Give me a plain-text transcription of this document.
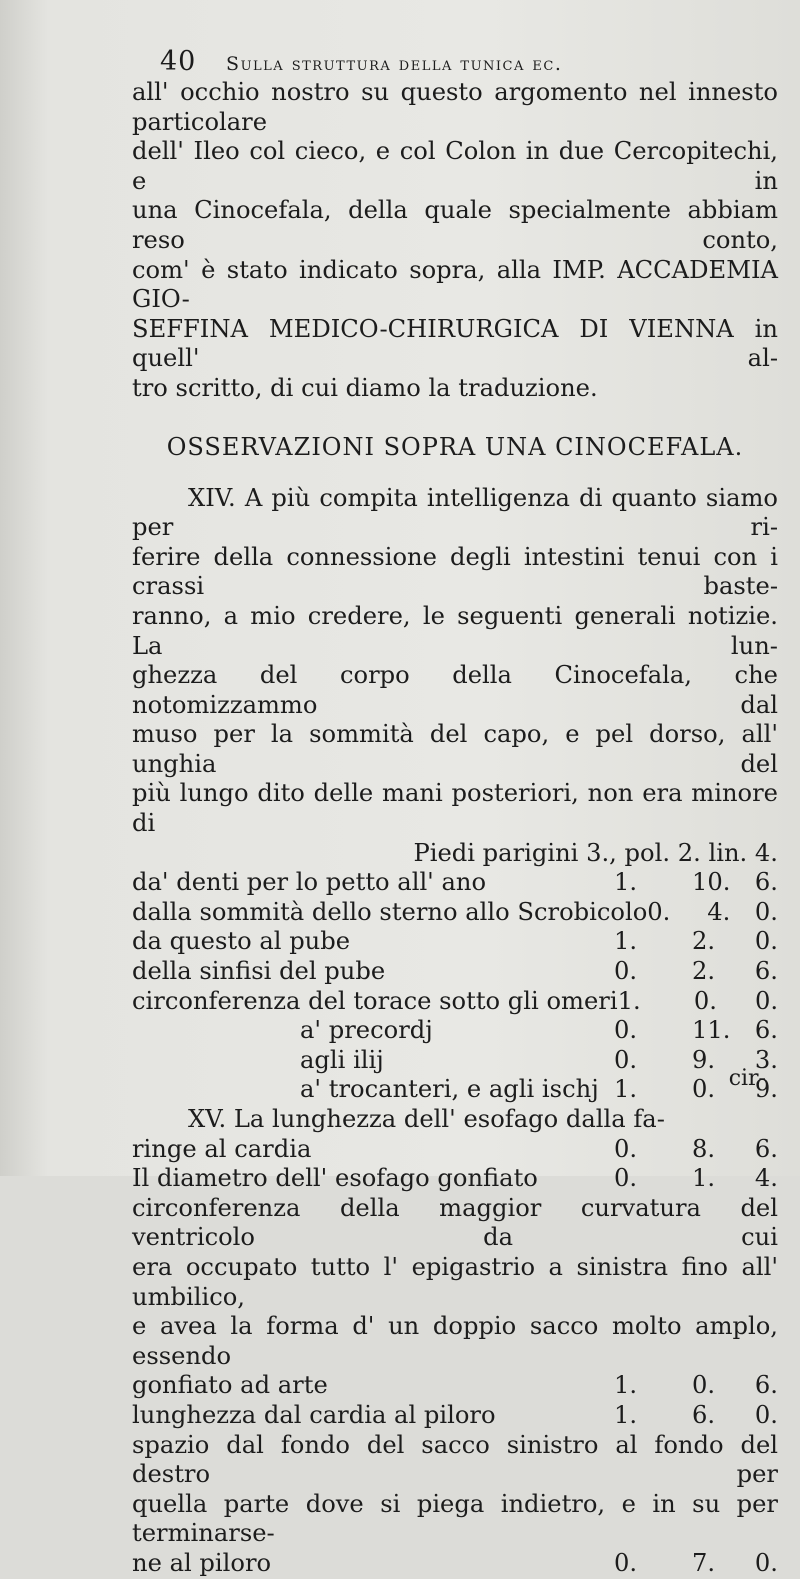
40 Sulla struttura della tunica ec.
all' occhio nostro su questo argomento nel innesto particolare
dell' Ileo col cieco, e col Colon in due Cercopitechi, e in
una Cinocefala, della quale specialmente abbiam reso conto,
com' è stato indicato sopra, alla IMP. ACCADEMIA GIO-
SEFFINA MEDICO-CHIRURGICA DI VIENNA in quell' al-
tro scritto, di cui diamo la traduzione.
OSSERVAZIONI SOPRA UNA CINOCEFALA.
XIV. A più compita intelligenza di quanto siamo per ri-
ferire della connessione degli intestini tenui con i crassi baste-
ranno, a mio credere, le seguenti generali notizie. La lun-
ghezza del corpo della Cinocefala, che notomizzammo dal
muso per la sommità del capo, e pel dorso, all' unghia del
più lungo dito delle mani posteriori, non era minore di
Piedi parigini 3., pol. 2. lin. 4.
da' denti per lo petto all' ano	1.	10.	6.
dalla sommità dello sterno allo Scrobicolo 0.	4.	0.
da questo al pube	1.	2.	0.
della sinfisi del pube	0.	2.	6.
circonferenza del torace sotto gli omeri 1.	0.	0.
a' precordj	0.	11.	6.
agli ilij	0.	9.	3.
a' trocanteri, e agli ischj 1.	0.	9.
XV. La lunghezza dell' esofago dalla fa-
ringe al cardia	0.	8.	6.
Il diametro dell' esofago gonfiato	0.	1.	4.
circonferenza della maggior curvatura del ventricolo da cui
era occupato tutto l' epigastrio a sinistra fino all' umbilico,
e avea la forma d' un doppio sacco molto amplo, essendo
gonfiato ad arte	1.	0.	6.
lunghezza dal cardia al piloro	1.	6.	0.
spazio dal fondo del sacco sinistro al fondo del destro per
quella parte dove si piega indietro, e in su per terminarse-
ne al piloro	0.	7.	0.
cir-
